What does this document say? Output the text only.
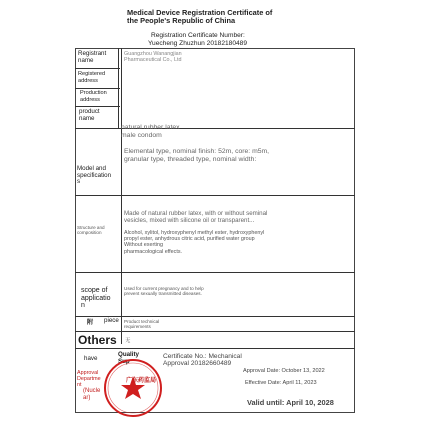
Medical Device Registration Certificate of
the People's Republic of China
Registration Certificate Number:
Yuecheng Zhuzhun 20182180489
Registrant
name
Guangzhou Wanangjian
Pharmaceutical Co., Ltd
Registered
address
Production
address
product
name
natural rubber latex
male condom
Model and
specification
s
Elemental type, nominal finish: 52m, core: m5m,
granular type, threaded type, nominal width:
Structure and
composition
Made of natural rubber latex, with or without seminal
vesicles, mixed with silicone oil or transparent...
Alcohol, xylitol, hydroxyphenyl methyl ester, hydroxyphenyl
propyl ester, anhydrous citric acid, purified water group
Without exerting
pharmacological effects.
scope of
applicatio
n
Used for current pregnancy and to help
prevent sexually transmitted diseases.
附 piece Product technical
requirements
Others 无
have
Quality
Sup
Certificate No.: Mechanical
Approval 20182660489
Approval
Departme
nt
(Nucle
ar)
广东药监局
Approval Date: October 13, 2022
Effective Date: April 11, 2023
Valid until: April 10, 2028
